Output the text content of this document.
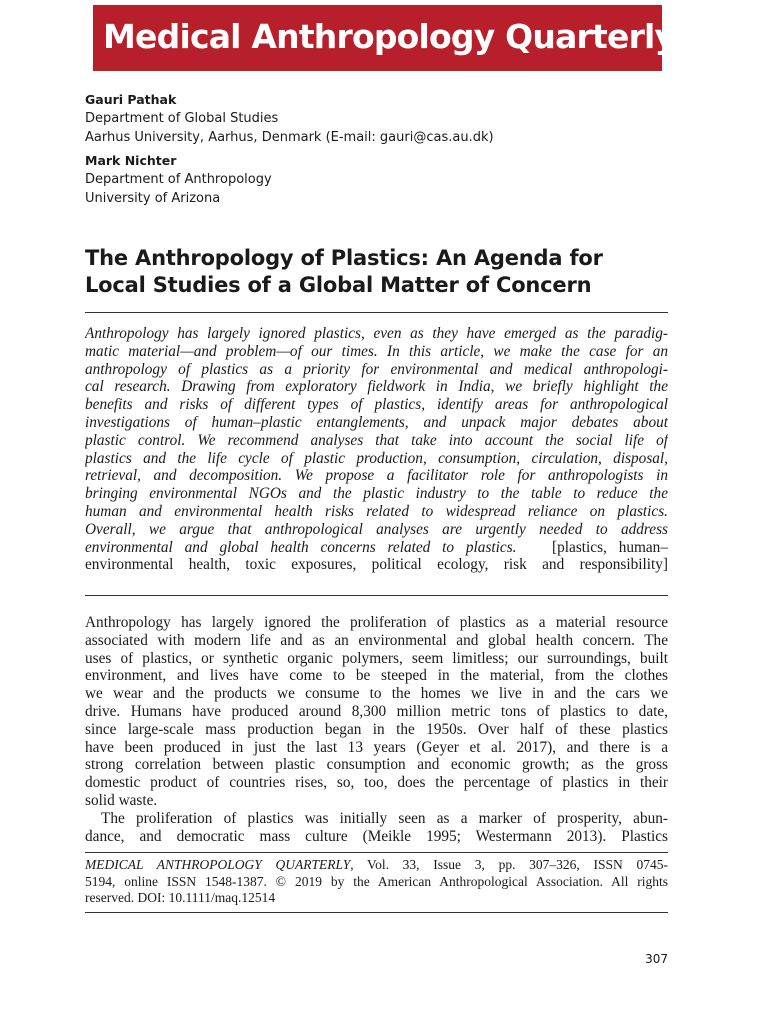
Medical Anthropology Quarterly
Gauri Pathak
Department of Global Studies
Aarhus University, Aarhus, Denmark (E-mail: gauri@cas.au.dk)
Mark Nichter
Department of Anthropology
University of Arizona
The Anthropology of Plastics: An Agenda for
Local Studies of a Global Matter of Concern
Anthropology has largely ignored plastics, even as they have emerged as the paradig-
matic material—and problem—of our times. In this article, we make the case for an
anthropology of plastics as a priority for environmental and medical anthropologi-
cal research. Drawing from exploratory fieldwork in India, we briefly highlight the
benefits and risks of different types of plastics, identify areas for anthropological
investigations of human–plastic entanglements, and unpack major debates about
plastic control. We recommend analyses that take into account the social life of
plastics and the life cycle of plastic production, consumption, circulation, disposal,
retrieval, and decomposition. We propose a facilitator role for anthropologists in
bringing environmental NGOs and the plastic industry to the table to reduce the
human and environmental health risks related to widespread reliance on plastics.
Overall, we argue that anthropological analyses are urgently needed to address
environmental and global health concerns related to plastics. [plastics, human–
environmental health, toxic exposures, political ecology, risk and responsibility]
Anthropology has largely ignored the proliferation of plastics as a material resource
associated with modern life and as an environmental and global health concern. The
uses of plastics, or synthetic organic polymers, seem limitless; our surroundings, built
environment, and lives have come to be steeped in the material, from the clothes
we wear and the products we consume to the homes we live in and the cars we
drive. Humans have produced around 8,300 million metric tons of plastics to date,
since large-scale mass production began in the 1950s. Over half of these plastics
have been produced in just the last 13 years (Geyer et al. 2017), and there is a
strong correlation between plastic consumption and economic growth; as the gross
domestic product of countries rises, so, too, does the percentage of plastics in their
solid waste.
The proliferation of plastics was initially seen as a marker of prosperity, abun-
dance, and democratic mass culture (Meikle 1995; Westermann 2013). Plastics
MEDICAL ANTHROPOLOGY QUARTERLY, Vol. 33, Issue 3, pp. 307–326, ISSN 0745-
5194, online ISSN 1548-1387. © 2019 by the American Anthropological Association. All rights
reserved. DOI: 10.1111/maq.12514
307
